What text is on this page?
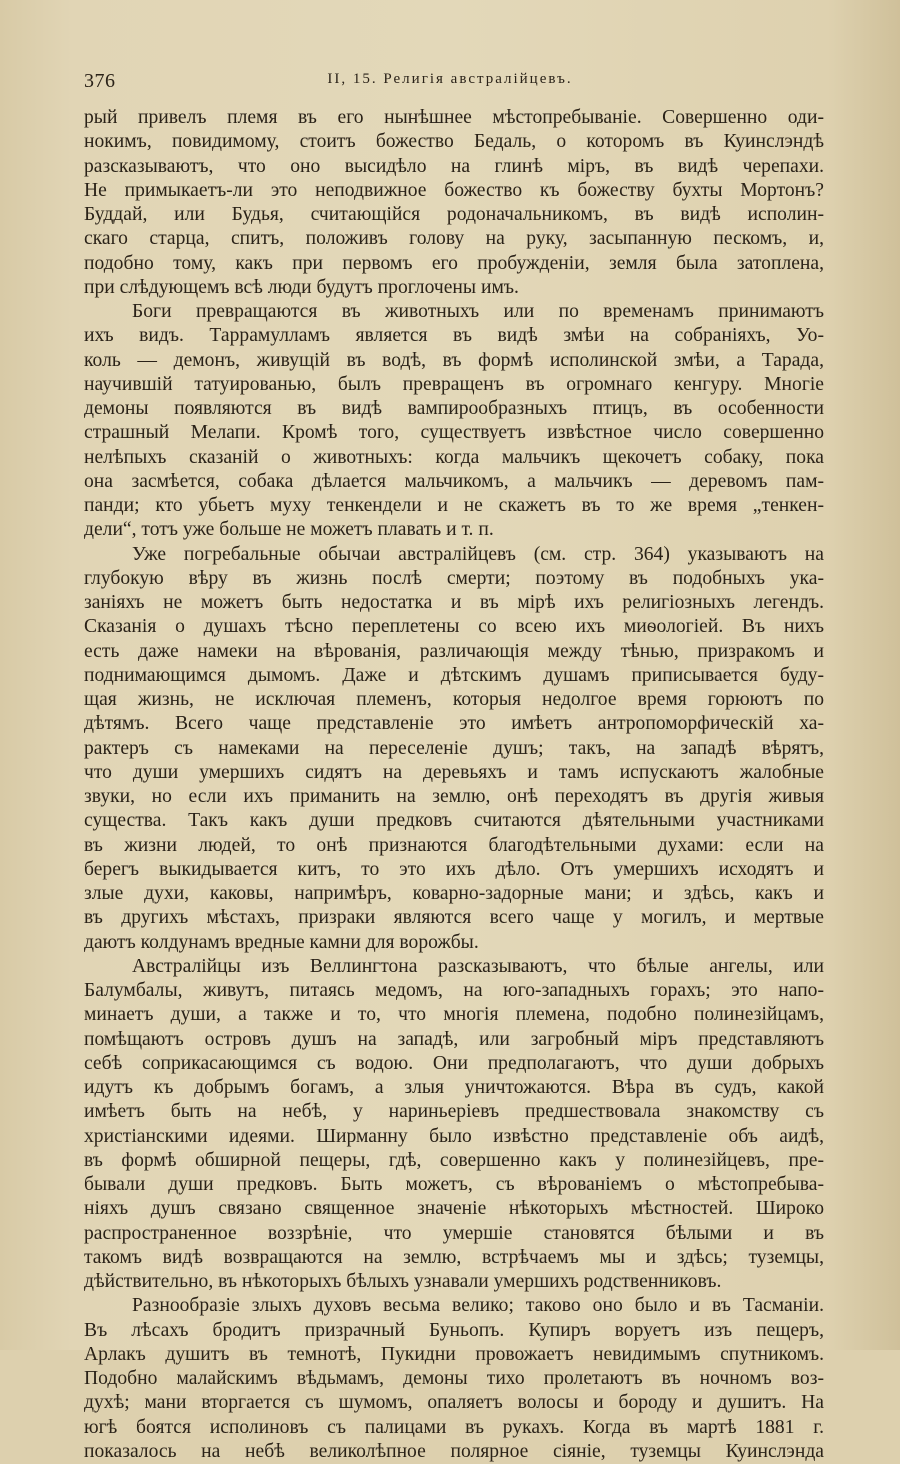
376	II, 15. Религія австралійцевъ.
рый привелъ племя въ его нынѣшнее мѣстопребываніе. Совершенно оди-
нокимъ, повидимому, стоитъ божество Бедаль, о которомъ въ Куинслэндѣ
разсказываютъ, что оно высидѣло на глинѣ міръ, въ видѣ черепахи.
Не примыкаетъ-ли это неподвижное божество къ божеству бухты Мортонъ?
Буддай, или Будья, считающійся родоначальникомъ, въ видѣ исполин-
скаго старца, спитъ, положивъ голову на руку, засыпанную пескомъ, и,
подобно тому, какъ при первомъ его пробужденіи, земля была затоплена,
при слѣдующемъ всѣ люди будутъ проглочены имъ.
Боги превращаются въ животныхъ или по временамъ принимаютъ
ихъ видъ. Таррамулламъ является въ видѣ змѣи на собраніяхъ, Уо-
коль — демонъ, живущій въ водѣ, въ формѣ исполинской змѣи, а Тарада,
научившій татуированью, былъ превращенъ въ огромнаго кенгуру. Многіе
демоны появляются въ видѣ вампирообразныхъ птицъ, въ особенности
страшный Мелапи. Кромѣ того, существуетъ извѣстное число совершенно
нелѣпыхъ сказаній о животныхъ: когда мальчикъ щекочетъ собаку, пока
она засмѣется, собака дѣлается мальчикомъ, а мальчикъ — деревомъ пам-
панди; кто убьетъ муху тенкендели и не скажетъ въ то же время „тенкен-
дели“, тотъ уже больше не можетъ плавать и т. п.
Уже погребальные обычаи австралійцевъ (см. стр. 364) указываютъ на
глубокую вѣру въ жизнь послѣ смерти; поэтому въ подобныхъ ука-
заніяхъ не можетъ быть недостатка и въ мірѣ ихъ религіозныхъ легендъ.
Сказанія о душахъ тѣсно переплетены со всею ихъ миѳологіей. Въ нихъ
есть даже намеки на вѣрованія, различающія между тѣнью, призракомъ и
поднимающимся дымомъ. Даже и дѣтскимъ душамъ приписывается буду-
щая жизнь, не исключая племенъ, которыя недолгое время горюютъ по
дѣтямъ. Всего чаще представленіе это имѣетъ антропоморфическій ха-
рактеръ съ намеками на переселеніе душъ; такъ, на западѣ вѣрятъ,
что души умершихъ сидятъ на деревьяхъ и тамъ испускаютъ жалобные
звуки, но если ихъ приманить на землю, онѣ переходятъ въ другія живыя
существа. Такъ какъ души предковъ считаются дѣятельными участниками
въ жизни людей, то онѣ признаются благодѣтельными духами: если на
берегъ выкидывается китъ, то это ихъ дѣло. Отъ умершихъ исходятъ и
злые духи, каковы, напримѣръ, коварно-задорные мани; и здѣсь, какъ и
въ другихъ мѣстахъ, призраки являются всего чаще у могилъ, и мертвые
даютъ колдунамъ вредные камни для ворожбы.
Австралійцы изъ Веллингтона разсказываютъ, что бѣлые ангелы, или
Балумбалы, живутъ, питаясь медомъ, на юго-западныхъ горахъ; это напо-
минаетъ души, а также и то, что многія племена, подобно полинезійцамъ,
помѣщаютъ островъ душъ на западѣ, или загробный міръ представляютъ
себѣ соприкасающимся съ водою. Они предполагаютъ, что души добрыхъ
идутъ къ добрымъ богамъ, а злыя уничтожаются. Вѣра въ судъ, какой
имѣетъ быть на небѣ, у нариньеріевъ предшествовала знакомству съ
христіанскими идеями. Ширманну было извѣстно представленіе объ аидѣ,
въ формѣ обширной пещеры, гдѣ, совершенно какъ у полинезійцевъ, пре-
бывали души предковъ. Быть можетъ, съ вѣрованіемъ о мѣстопребыва-
ніяхъ душъ связано священное значеніе нѣкоторыхъ мѣстностей. Широко
распространенное воззрѣніе, что умершіе становятся бѣлыми и въ
такомъ видѣ возвращаются на землю, встрѣчаемъ мы и здѣсь; туземцы,
дѣйствительно, въ нѣкоторыхъ бѣлыхъ узнавали умершихъ родственниковъ.
Разнообразіе злыхъ духовъ весьма велико; таково оно было и въ Тасманіи.
Въ лѣсахъ бродитъ призрачный Буньопъ. Купиръ воруетъ изъ пещеръ,
Арлакъ душитъ въ темнотѣ, Пукидни провожаетъ невидимымъ спутникомъ.
Подобно малайскимъ вѣдьмамъ, демоны тихо пролетаютъ въ ночномъ воз-
духѣ; мани вторгается съ шумомъ, опаляетъ волосы и бороду и душитъ. На
югѣ боятся исполиновъ съ палицами въ рукахъ. Когда въ мартѣ 1881 г.
показалось на небѣ великолѣпное полярное сіяніе, туземцы Куинслэнда
